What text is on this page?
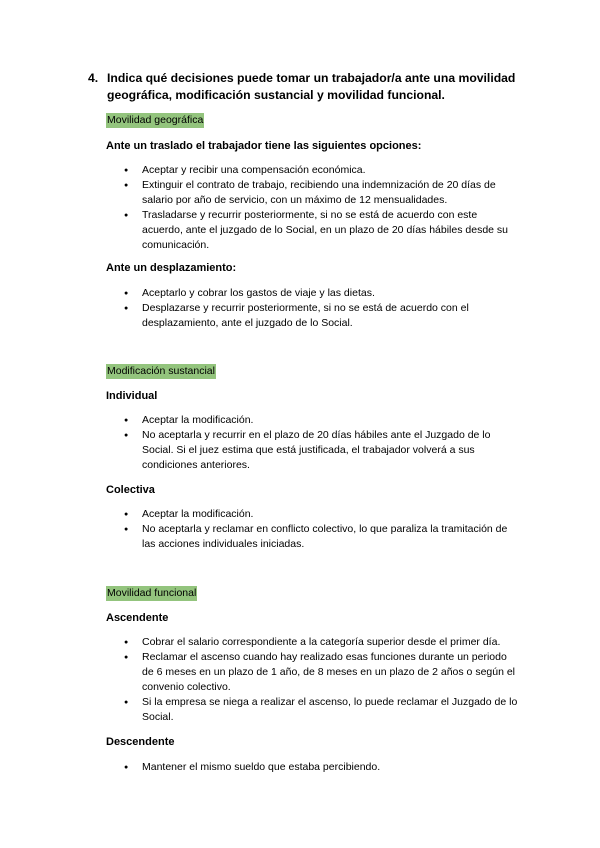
4. Indica qué decisiones puede tomar un trabajador/a ante una movilidad geográfica, modificación sustancial y movilidad funcional.
Movilidad geográfica
Ante un traslado el trabajador tiene las siguientes opciones:
● Aceptar y recibir una compensación económica.
● Extinguir el contrato de trabajo, recibiendo una indemnización de 20 días de salario por año de servicio, con un máximo de 12 mensualidades.
● Trasladarse y recurrir posteriormente, si no se está de acuerdo con este acuerdo, ante el juzgado de lo Social, en un plazo de 20 días hábiles desde su comunicación.
Ante un desplazamiento:
● Aceptarlo y cobrar los gastos de viaje y las dietas.
● Desplazarse y recurrir posteriormente, si no se está de acuerdo con el desplazamiento, ante el juzgado de lo Social.
Modificación sustancial
Individual
● Aceptar la modificación.
● No aceptarla y recurrir en el plazo de 20 días hábiles ante el Juzgado de lo Social. Si el juez estima que está justificada, el trabajador volverá a sus condiciones anteriores.
Colectiva
● Aceptar la modificación.
● No aceptarla y reclamar en conflicto colectivo, lo que paraliza la tramitación de las acciones individuales iniciadas.
Movilidad funcional
Ascendente
● Cobrar el salario correspondiente a la categoría superior desde el primer día.
● Reclamar el ascenso cuando hay realizado esas funciones durante un periodo de 6 meses en un plazo de 1 año, de 8 meses en un plazo de 2 años o según el convenio colectivo.
● Si la empresa se niega a realizar el ascenso, lo puede reclamar el Juzgado de lo Social.
Descendente
● Mantener el mismo sueldo que estaba percibiendo.
